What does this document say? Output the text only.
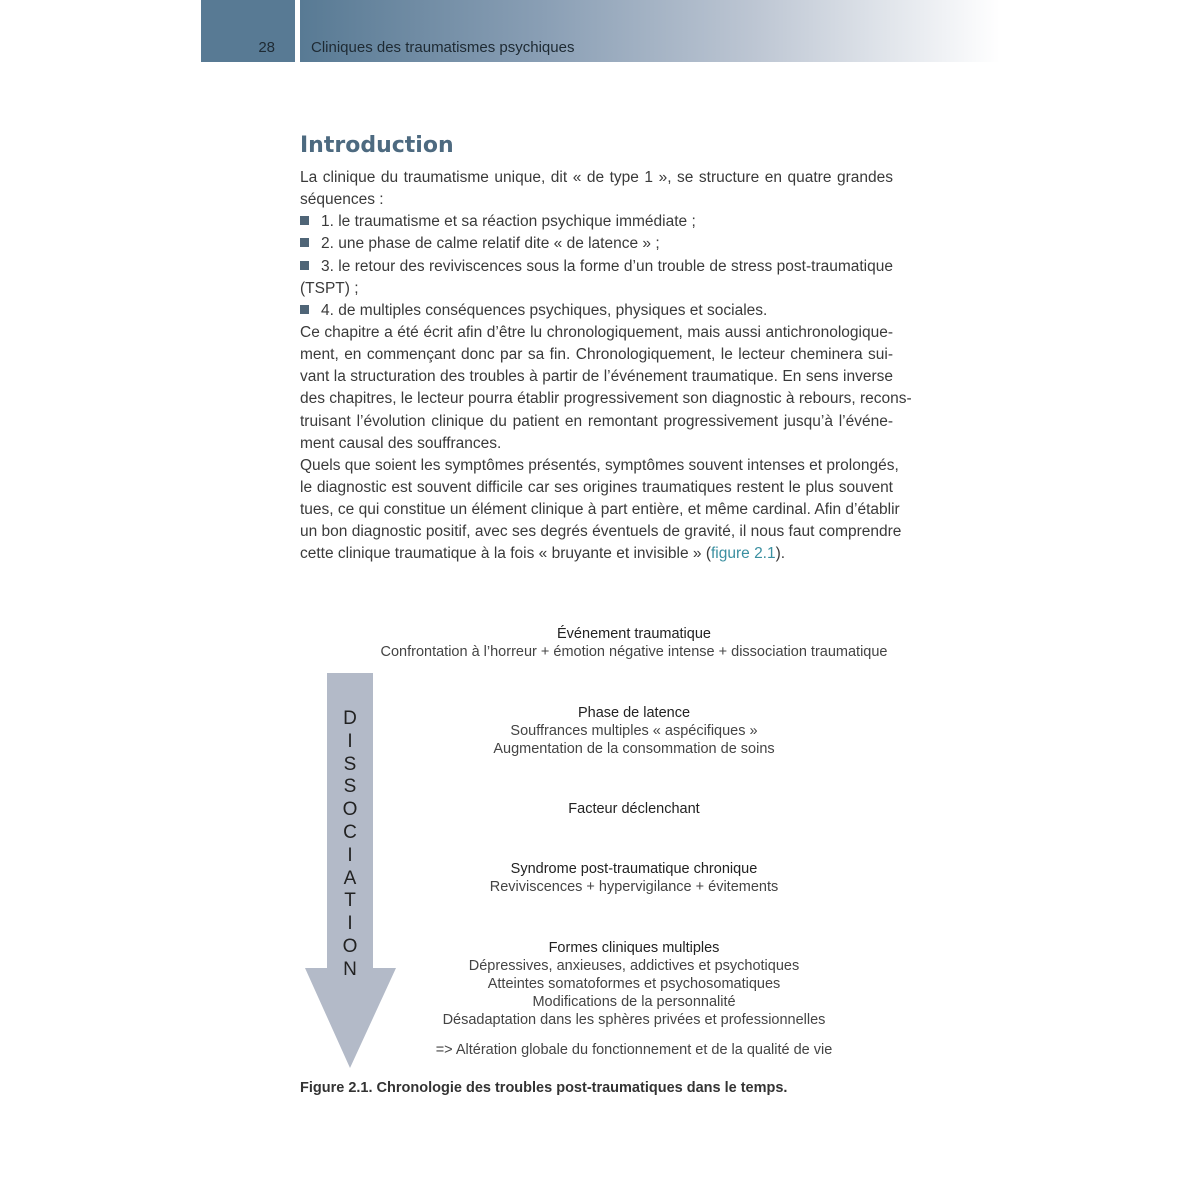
28 Cliniques des traumatismes psychiques
Introduction
La clinique du traumatisme unique, dit « de type 1 », se structure en quatre grandes
séquences :
1. le traumatisme et sa réaction psychique immédiate ;
2. une phase de calme relatif dite « de latence » ;
3. le retour des reviviscences sous la forme d’un trouble de stress post-traumatique
(TSPT) ;
4. de multiples conséquences psychiques, physiques et sociales.
Ce chapitre a été écrit afin d’être lu chronologiquement, mais aussi antichronologique-
ment, en commençant donc par sa fin. Chronologiquement, le lecteur cheminera sui-
vant la structuration des troubles à partir de l’événement traumatique. En sens inverse
des chapitres, le lecteur pourra établir progressivement son diagnostic à rebours, recons-
truisant l’évolution clinique du patient en remontant progressivement jusqu’à l’événe-
ment causal des souffrances.
Quels que soient les symptômes présentés, symptômes souvent intenses et prolongés,
le diagnostic est souvent difficile car ses origines traumatiques restent le plus souvent
tues, ce qui constitue un élément clinique à part entière, et même cardinal. Afin d’établir
un bon diagnostic positif, avec ses degrés éventuels de gravité, il nous faut comprendre
cette clinique traumatique à la fois « bruyante et invisible » (figure 2.1).
D
I
S
S
O
C
I
A
T
I
O
N
Événement traumatique
Confrontation à l’horreur + émotion négative intense + dissociation traumatique
Phase de latence
Souffrances multiples « aspécifiques »
Augmentation de la consommation de soins
Facteur déclenchant
Syndrome post-traumatique chronique
Reviviscences + hypervigilance + évitements
Formes cliniques multiples
Dépressives, anxieuses, addictives et psychotiques
Atteintes somatoformes et psychosomatiques
Modifications de la personnalité
Désadaptation dans les sphères privées et professionnelles
=> Altération globale du fonctionnement et de la qualité de vie
Figure 2.1. Chronologie des troubles post-traumatiques dans le temps.
